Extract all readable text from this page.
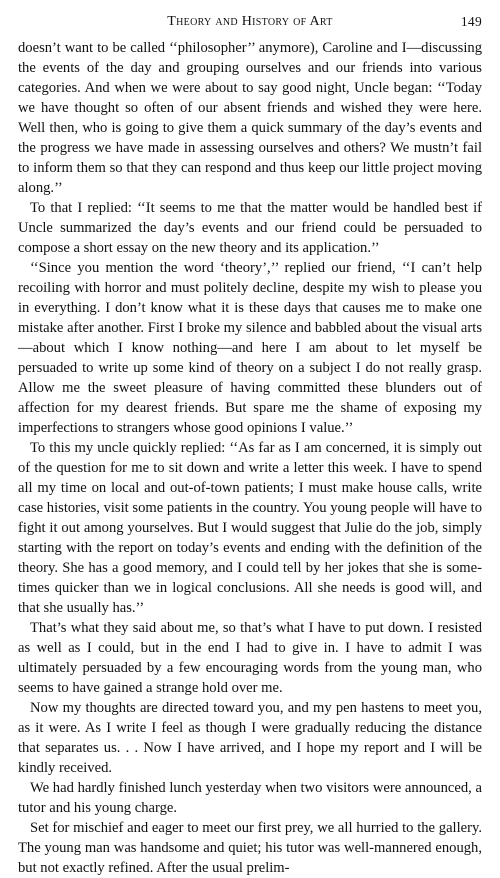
Theory and History of Art	149

doesn’t want to be called ‘‘philosopher’’ anymore), Caroline and I—discussing the events of the day and grouping ourselves and our friends into various categories. And when we were about to say good night, Uncle began: ‘‘Today we have thought so often of our absent friends and wished they were here. Well then, who is going to give them a quick summary of the day’s events and the progress we have made in assessing ourselves and others? We mustn’t fail to inform them so that they can respond and thus keep our little project moving along.’’

To that I replied: ‘‘It seems to me that the matter would be handled best if Uncle summarized the day’s events and our friend could be persuaded to compose a short essay on the new theory and its application.’’

‘‘Since you mention the word ‘theory’,’’ replied our friend, ‘‘I can’t help recoiling with horror and must politely decline, despite my wish to please you in everything. I don’t know what it is these days that causes me to make one mistake after another. First I broke my silence and babbled about the visual arts—about which I know nothing—and here I am about to let myself be persuaded to write up some kind of theory on a subject I do not really grasp. Allow me the sweet pleasure of having committed these blunders out of affection for my dearest friends. But spare me the shame of exposing my imperfections to strangers whose good opinions I value.’’

To this my uncle quickly replied: ‘‘As far as I am concerned, it is simply out of the question for me to sit down and write a letter this week. I have to spend all my time on local and out-of-town patients; I must make house calls, write case histories, visit some patients in the country. You young people will have to fight it out among yourselves. But I would suggest that Julie do the job, simply starting with the report on today’s events and ending with the definition of the theory. She has a good memory, and I could tell by her jokes that she is sometimes quicker than we in logical conclusions. All she needs is good will, and that she usually has.’’

That’s what they said about me, so that’s what I have to put down. I resisted as well as I could, but in the end I had to give in. I have to admit I was ultimately persuaded by a few encouraging words from the young man, who seems to have gained a strange hold over me.

Now my thoughts are directed toward you, and my pen hastens to meet you, as it were. As I write I feel as though I were gradually reducing the distance that separates us. . . Now I have arrived, and I hope my report and I will be kindly received.

We had hardly finished lunch yesterday when two visitors were announced, a tutor and his young charge.

Set for mischief and eager to meet our first prey, we all hurried to the gallery. The young man was handsome and quiet; his tutor was well-mannered enough, but not exactly refined. After the usual prelim-
